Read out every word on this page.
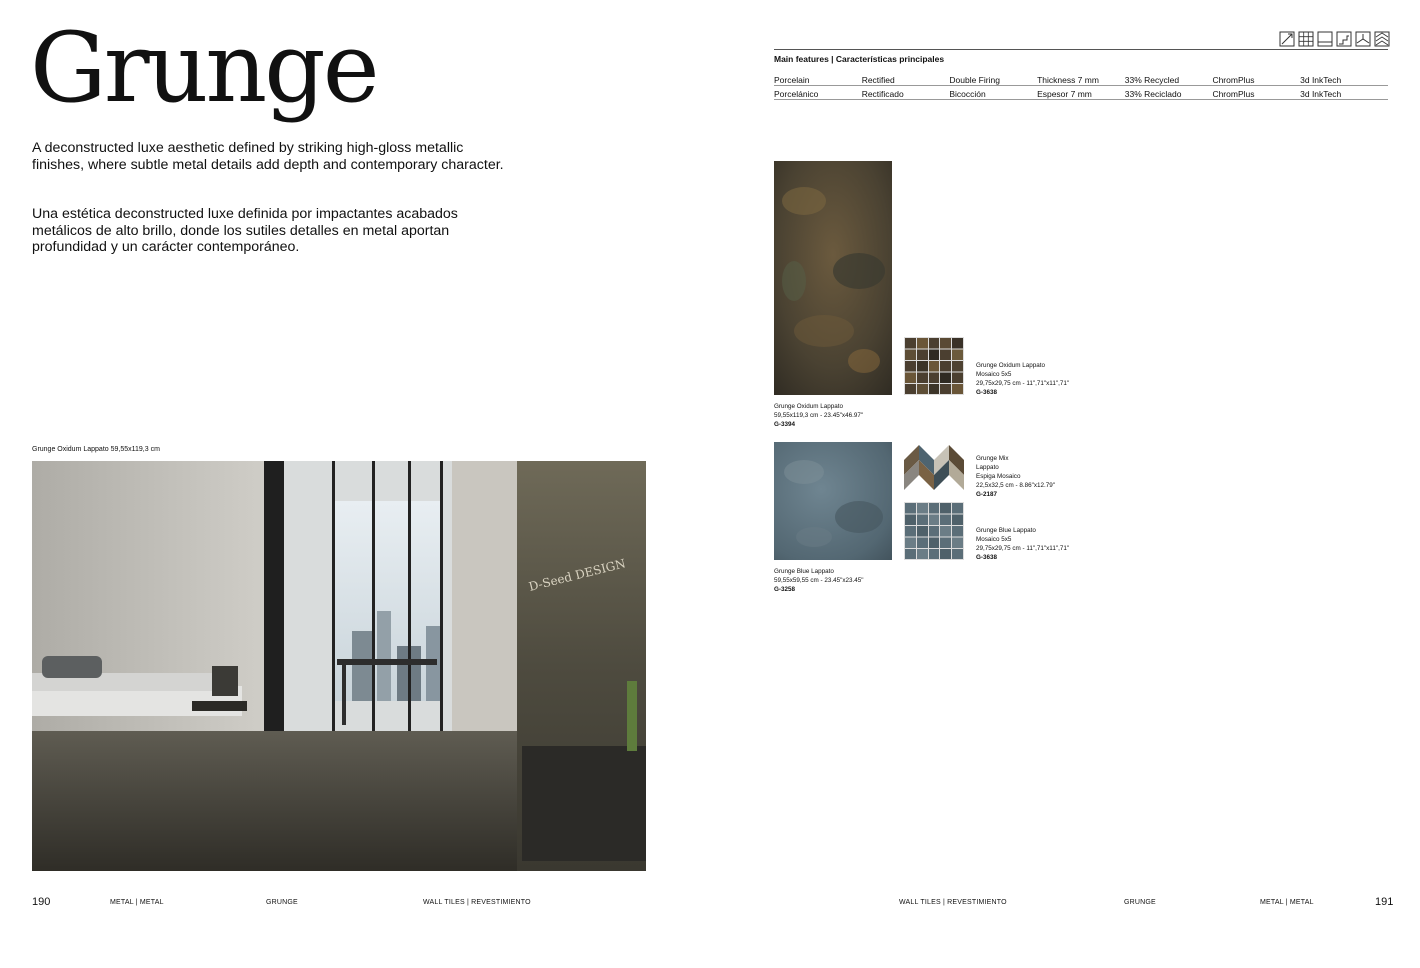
Grunge

A deconstructed luxe aesthetic defined by striking high-gloss metallic finishes, where subtle metal details add depth and contemporary character.

Una estética deconstructed luxe definida por impactantes acabados metálicos de alto brillo, donde los sutiles detalles en metal aportan profundidad y un carácter contemporáneo.

Grunge Oxidum Lappato 59,55x119,3 cm
D-Seed DESIGN
190	METAL | METAL	GRUNGE	WALL TILES | REVESTIMIENTO
Main features | Características principales
Porcelain	Rectified	Double Firing	Thickness 7 mm	33% Recycled	ChromPlus	3d InkTech
Porcelánico	Rectificado	Bicocción	Espesor 7 mm	33% Reciclado	ChromPlus	3d InkTech
Grunge Oxidum Lappato
59,55x119,3 cm - 23.45"x46.97"
G-3394
Grunge Oxidum Lappato
Mosaico 5x5
29,75x29,75 cm - 11",71"x11",71"
G-3638
Grunge Blue Lappato
59,55x59,55 cm - 23.45"x23.45"
G-3258
Grunge Mix
Lappato
Espiga Mosaico
22,5x32,5 cm - 8.86"x12.79"
G-2187
Grunge Blue Lappato
Mosaico 5x5
29,75x29,75 cm - 11",71"x11",71"
G-3638
WALL TILES | REVESTIMIENTO	GRUNGE	METAL | METAL	191
